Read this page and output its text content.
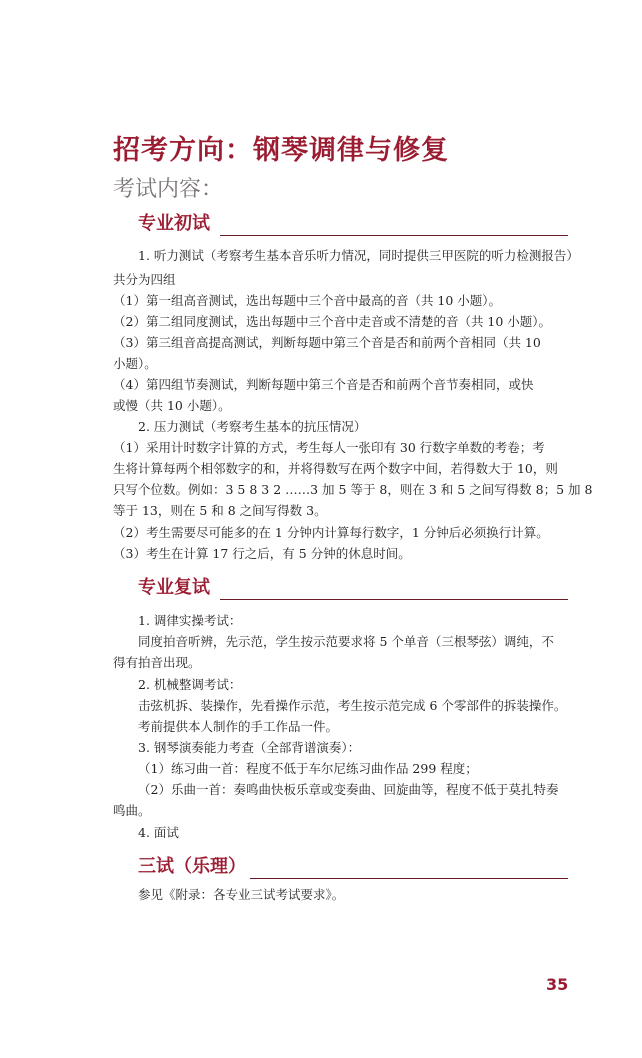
招考方向：钢琴调律与修复
考试内容：
专业初试
1. 听力测试（考察考生基本音乐听力情况，同时提供三甲医院的听力检测报告）
共分为四组
（1）第一组高音测试，选出每题中三个音中最高的音（共 10 小题）。
（2）第二组同度测试，选出每题中三个音中走音或不清楚的音（共 10 小题）。
（3）第三组音高提高测试，判断每题中第三个音是否和前两个音相同（共 10
小题）。
（4）第四组节奏测试，判断每题中第三个音是否和前两个音节奏相同，或快
或慢（共 10 小题）。
2. 压力测试（考察考生基本的抗压情况）
（1）采用计时数字计算的方式，考生每人一张印有 30 行数字单数的考卷；考
生将计算每两个相邻数字的和，并将得数写在两个数字中间，若得数大于 10，则
只写个位数。例如：3 5 8 3 2 ……3 加 5 等于 8，则在 3 和 5 之间写得数 8；5 加 8
等于 13，则在 5 和 8 之间写得数 3。
（2）考生需要尽可能多的在 1 分钟内计算每行数字，1 分钟后必须换行计算。
（3）考生在计算 17 行之后，有 5 分钟的休息时间。
专业复试
1. 调律实操考试：
同度拍音听辨，先示范，学生按示范要求将 5 个单音（三根琴弦）调纯，不
得有拍音出现。
2. 机械整调考试：
击弦机拆、装操作，先看操作示范，考生按示范完成 6 个零部件的拆装操作。
考前提供本人制作的手工作品一件。
3. 钢琴演奏能力考查（全部背谱演奏）：
（1）练习曲一首：程度不低于车尔尼练习曲作品 299 程度；
（2）乐曲一首：奏鸣曲快板乐章或变奏曲、回旋曲等，程度不低于莫扎特奏
鸣曲。
4. 面试
三试（乐理）
参见《附录：各专业三试考试要求》。
35
